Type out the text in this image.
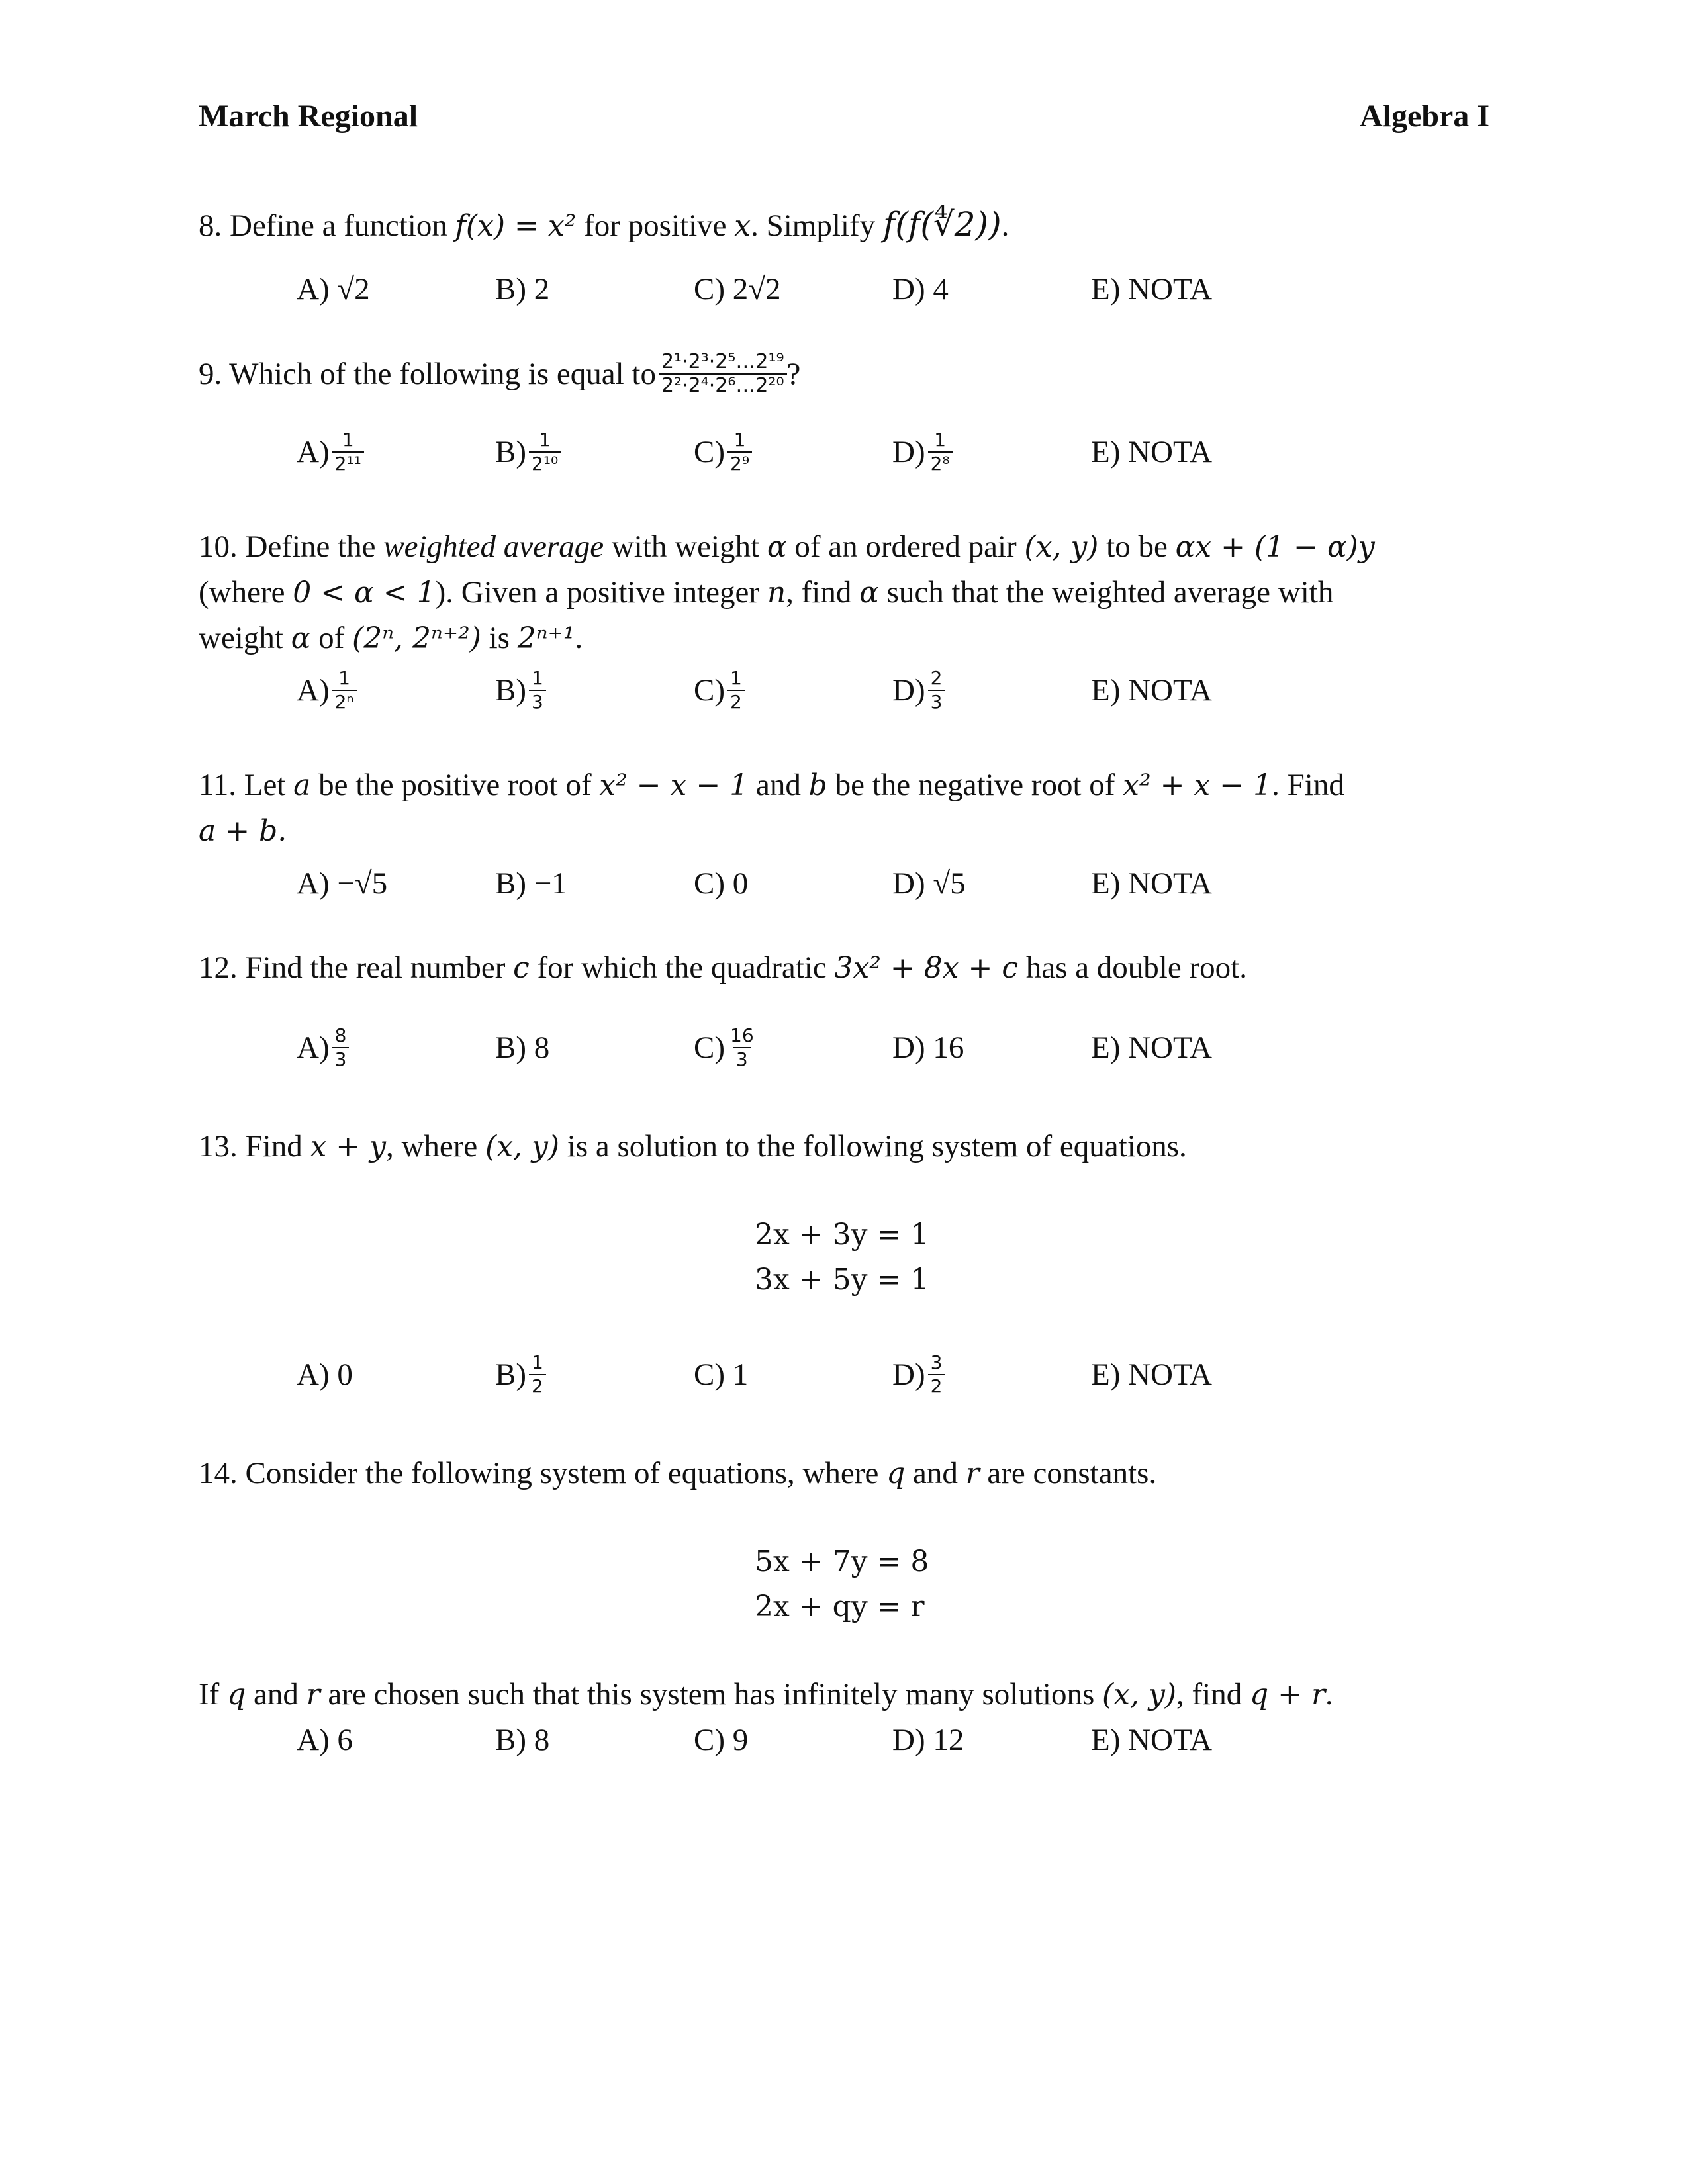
March Regional	Algebra I
8. Define a function f(x) = x² for positive x. Simplify f(f(∜2)).
A) √2	B) 2	C) 2√2	D) 4	E) NOTA
9. Which of the following is equal to $\frac{\text{2¹·2³·2⁵…2¹⁹}}{\text{2²·2⁴·2⁶…2²⁰}}$ ?
$A) \frac{1}{\text{2¹¹}}$	$B) \frac{1}{\text{2¹⁰}}$	$C) \frac{1}{\text{2⁹}}$	$D) \frac{1}{\text{2⁸}}$	E) NOTA
10. Define the weighted average with weight α of an ordered pair (x, y) to be αx + (1 − α)y
(where 0 < α < 1). Given a positive integer n, find α such that the weighted average with
weight α of (2ⁿ, 2ⁿ⁺²) is 2ⁿ⁺¹.
$A) \frac{1}{\text{2ⁿ}}$	$B) \frac{1}{3}$	$C) \frac{1}{2}$	$D) \frac{2}{3}$	E) NOTA
11. Let a be the positive root of x² − x − 1 and b be the negative root of x² + x − 1. Find
a + b.
A) −√5	B) −1	C) 0	D) √5	E) NOTA
12. Find the real number c for which the quadratic 3x² + 8x + c has a double root.
$A) \frac{8}{3}$	B) 8	$C) \frac{16}{3}$	D) 16	E) NOTA
13. Find x + y, where (x, y) is a solution to the following system of equations.
2x + 3y = 1
3x + 5y = 1
A) 0	$B) \frac{1}{2}$	C) 1	$D) \frac{3}{2}$	E) NOTA
14. Consider the following system of equations, where q and r are constants.
5x + 7y = 8
2x + qy = r
If q and r are chosen such that this system has infinitely many solutions (x, y), find q + r.
A) 6	B) 8	C) 9	D) 12	E) NOTA
